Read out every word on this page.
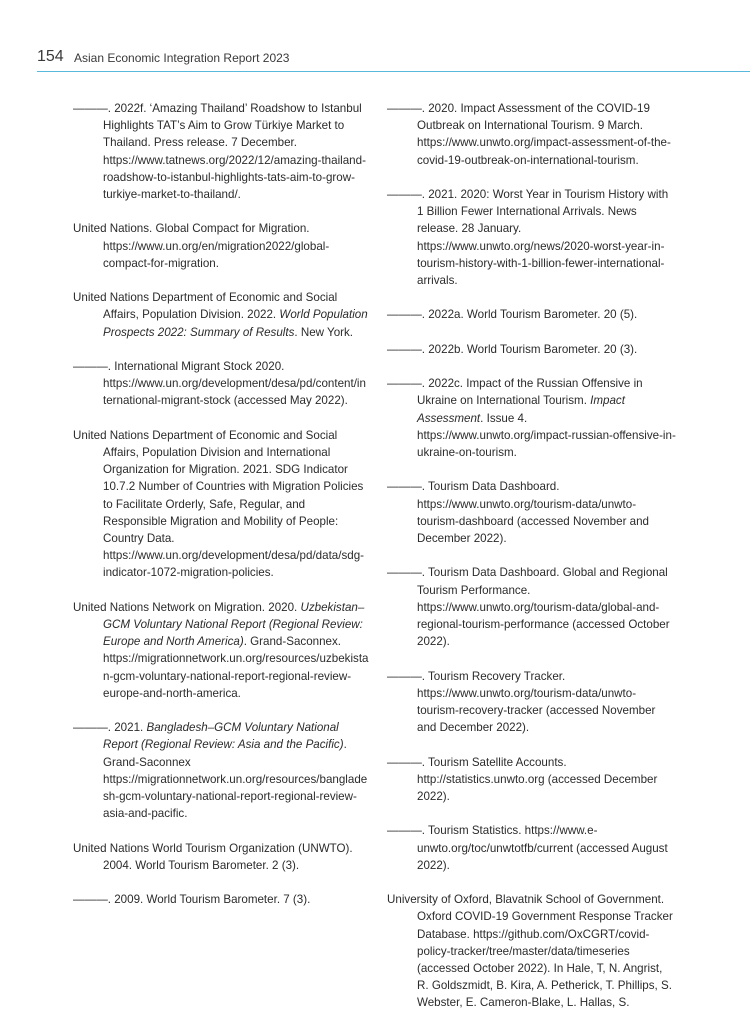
154 Asian Economic Integration Report 2023

———. 2022f. ‘Amazing Thailand’ Roadshow to Istanbul Highlights TAT’s Aim to Grow Türkiye Market to Thailand. Press release. 7 December. https://www.tatnews.org/2022/12/amazing-thailand-roadshow-to-istanbul-highlights-tats-aim-to-grow-turkiye-market-to-thailand/.

United Nations. Global Compact for Migration. https://www.un.org/en/migration2022/global-compact-for-migration.

United Nations Department of Economic and Social Affairs, Population Division. 2022. World Population Prospects 2022: Summary of Results. New York.

———. International Migrant Stock 2020. https://www.un.org/development/desa/pd/content/international-migrant-stock (accessed May 2022).

United Nations Department of Economic and Social Affairs, Population Division and International Organization for Migration. 2021. SDG Indicator 10.7.2 Number of Countries with Migration Policies to Facilitate Orderly, Safe, Regular, and Responsible Migration and Mobility of People: Country Data. https://www.un.org/development/desa/pd/data/sdg-indicator-1072-migration-policies.

United Nations Network on Migration. 2020. Uzbekistan–GCM Voluntary National Report (Regional Review: Europe and North America). Grand-Saconnex. https://migrationnetwork.un.org/resources/uzbekistan-gcm-voluntary-national-report-regional-review-europe-and-north-america.

———. 2021. Bangladesh–GCM Voluntary National Report (Regional Review: Asia and the Pacific). Grand-Saconnex https://migrationnetwork.un.org/resources/bangladesh-gcm-voluntary-national-report-regional-review-asia-and-pacific.

United Nations World Tourism Organization (UNWTO). 2004. World Tourism Barometer. 2 (3).

———. 2009. World Tourism Barometer. 7 (3).

———. 2020. Impact Assessment of the COVID-19 Outbreak on International Tourism. 9 March. https://www.unwto.org/impact-assessment-of-the-covid-19-outbreak-on-international-tourism.

———. 2021. 2020: Worst Year in Tourism History with 1 Billion Fewer International Arrivals. News release. 28 January. https://www.unwto.org/news/2020-worst-year-in-tourism-history-with-1-billion-fewer-international-arrivals.

———. 2022a. World Tourism Barometer. 20 (5).

———. 2022b. World Tourism Barometer. 20 (3).

———. 2022c. Impact of the Russian Offensive in Ukraine on International Tourism. Impact Assessment. Issue 4. https://www.unwto.org/impact-russian-offensive-in-ukraine-on-tourism.

———. Tourism Data Dashboard. https://www.unwto.org/tourism-data/unwto-tourism-dashboard (accessed November and December 2022).

———. Tourism Data Dashboard. Global and Regional Tourism Performance. https://www.unwto.org/tourism-data/global-and-regional-tourism-performance (accessed October 2022).

———. Tourism Recovery Tracker. https://www.unwto.org/tourism-data/unwto-tourism-recovery-tracker (accessed November and December 2022).

———. Tourism Satellite Accounts. http://statistics.unwto.org (accessed December 2022).

———. Tourism Statistics. https://www.e-unwto.org/toc/unwtotfb/current (accessed August 2022).

University of Oxford, Blavatnik School of Government. Oxford COVID-19 Government Response Tracker Database. https://github.com/OxCGRT/covid-policy-tracker/tree/master/data/timeseries (accessed October 2022). In Hale, T, N. Angrist, R. Goldszmidt, B. Kira, A. Petherick, T. Phillips, S. Webster, E. Cameron-Blake, L. Hallas, S.
